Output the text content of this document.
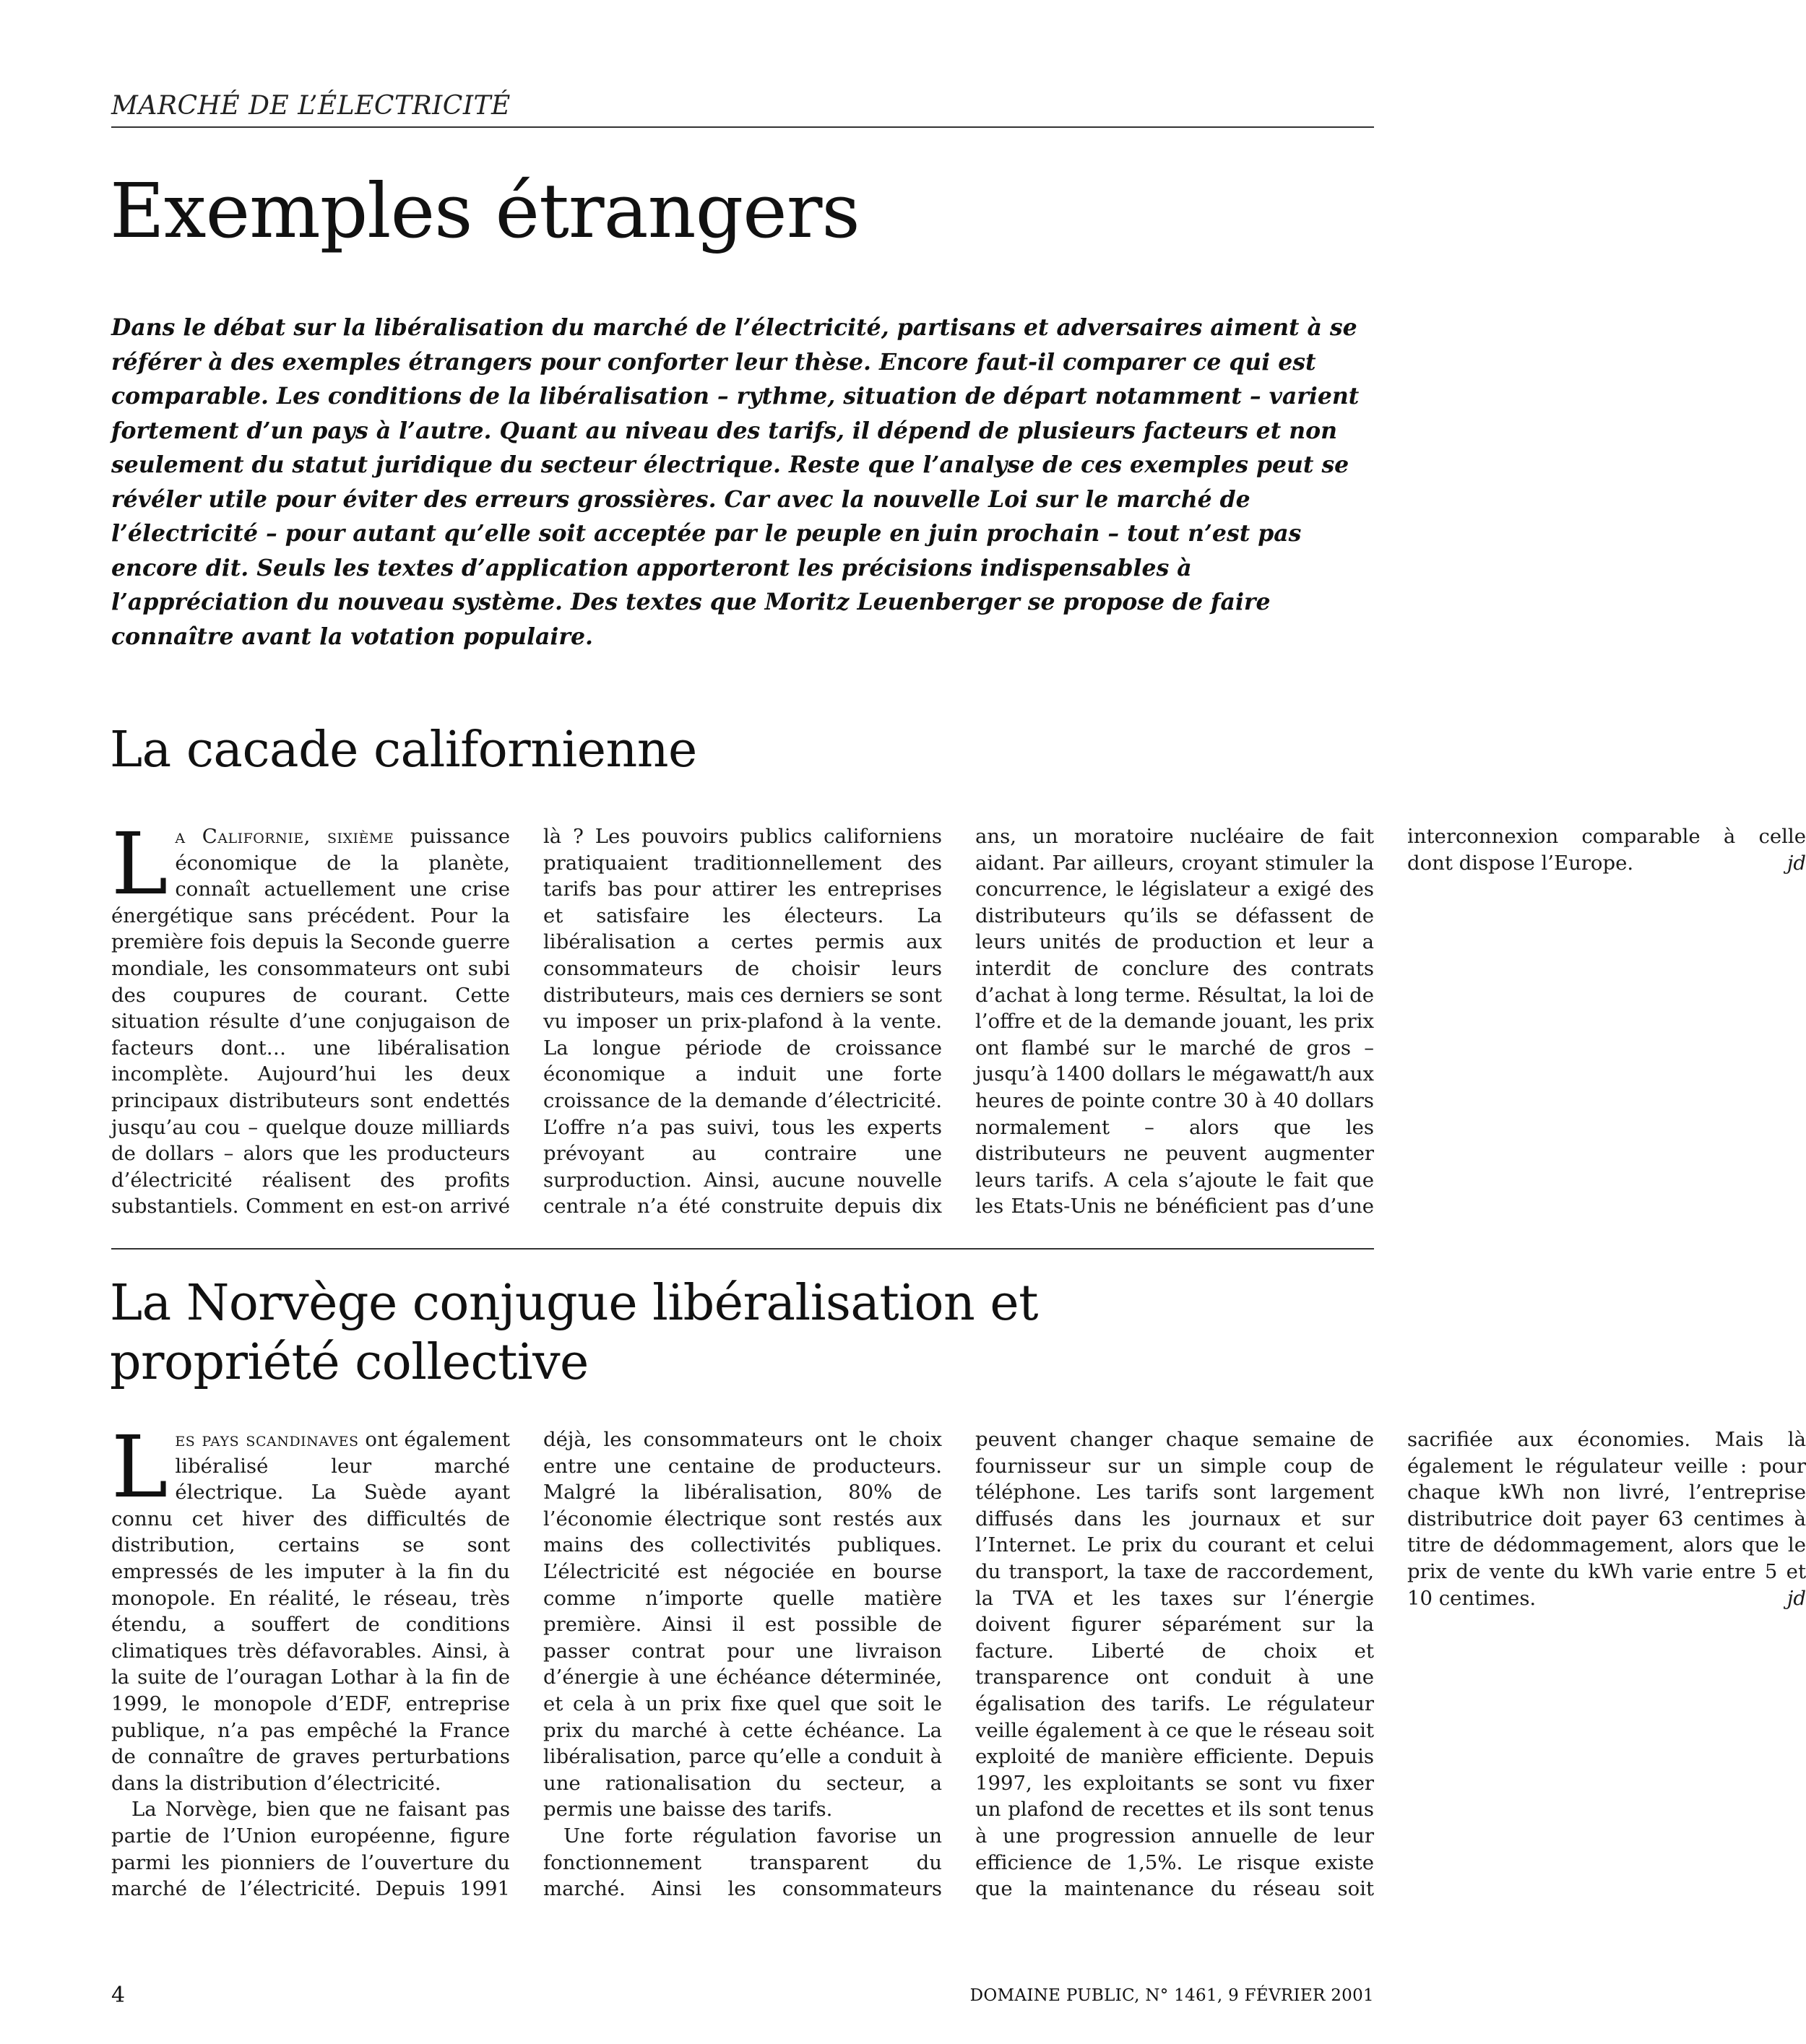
MARCHÉ DE L’ÉLECTRICITÉ
Exemples étrangers

Dans le débat sur la libéralisation du marché de l’électricité, partisans et adversaires aiment à se référer à des exemples étrangers pour conforter leur thèse. Encore faut-il comparer ce qui est comparable. Les conditions de la libéralisation – rythme, situation de départ notamment – varient fortement d’un pays à l’autre. Quant au niveau des tarifs, il dépend de plusieurs facteurs et non seulement du statut juridique du secteur électrique. Reste que l’analyse de ces exemples peut se révéler utile pour éviter des erreurs grossières. Car avec la nouvelle Loi sur le marché de l’électricité – pour autant qu’elle soit acceptée par le peuple en juin prochain – tout n’est pas encore dit. Seuls les textes d’application apporteront les précisions indispensables à l’appréciation du nouveau système. Des textes que Moritz Leuenberger se propose de faire connaître avant la votation populaire.

La cacade californienne

La Californie, sixième puissance économique de la planète, connaît actuellement une crise énergétique sans précédent. Pour la première fois depuis la Seconde guerre mondiale, les consommateurs ont subi des coupures de courant. Cette situation résulte d’une conjugaison de facteurs dont… une libéralisation incomplète. Aujourd’hui les deux principaux distributeurs sont endettés jusqu’au cou – quelque douze milliards de dollars – alors que les producteurs d’électricité réalisent des profits substantiels. Comment en est-on arrivé là ? Les pouvoirs publics californiens pratiquaient traditionnellement des tarifs bas pour attirer les entreprises et satisfaire les électeurs. La libéralisation a certes permis aux consommateurs de choisir leurs distributeurs, mais ces derniers se sont vu imposer un prix-plafond à la vente. La longue période de croissance économique a induit une forte croissance de la demande d’électricité. L’offre n’a pas suivi, tous les experts prévoyant au contraire une surproduction. Ainsi, aucune nouvelle centrale n’a été construite depuis dix ans, un moratoire nucléaire de fait aidant. Par ailleurs, croyant stimuler la concurrence, le législateur a exigé des distributeurs qu’ils se défassent de leurs unités de production et leur a interdit de conclure des contrats d’achat à long terme. Résultat, la loi de l’offre et de la demande jouant, les prix ont flambé sur le marché de gros – jusqu’à 1400 dollars le mégawatt/h aux heures de pointe contre 30 à 40 dollars normalement – alors que les distributeurs ne peuvent augmenter leurs tarifs. A cela s’ajoute le fait que les Etats-Unis ne bénéficient pas d’une interconnexion comparable à celle dont dispose l’Europe.	jd

La Norvège conjugue libéralisation et propriété collective

Les pays scandinaves ont également libéralisé leur marché électrique. La Suède ayant connu cet hiver des difficultés de distribution, certains se sont empressés de les imputer à la fin du monopole. En réalité, le réseau, très étendu, a souffert de conditions climatiques très défavorables. Ainsi, à la suite de l’ouragan Lothar à la fin de 1999, le monopole d’EDF, entreprise publique, n’a pas empêché la France de connaître de graves perturbations dans la distribution d’électricité.

La Norvège, bien que ne faisant pas partie de l’Union européenne, figure parmi les pionniers de l’ouverture du marché de l’électricité. Depuis 1991 déjà, les consommateurs ont le choix entre une centaine de producteurs. Malgré la libéralisation, 80% de l’économie électrique sont restés aux mains des collectivités publiques. L’électricité est négociée en bourse comme n’importe quelle matière première. Ainsi il est possible de passer contrat pour une livraison d’énergie à une échéance déterminée, et cela à un prix fixe quel que soit le prix du marché à cette échéance. La libéralisation, parce qu’elle a conduit à une rationalisation du secteur, a permis une baisse des tarifs.

Une forte régulation favorise un fonctionnement transparent du marché. Ainsi les consommateurs peuvent changer chaque semaine de fournisseur sur un simple coup de téléphone. Les tarifs sont largement diffusés dans les journaux et sur l’Internet. Le prix du courant et celui du transport, la taxe de raccordement, la TVA et les taxes sur l’énergie doivent figurer séparément sur la facture. Liberté de choix et transparence ont conduit à une égalisation des tarifs. Le régulateur veille également à ce que le réseau soit exploité de manière efficiente. Depuis 1997, les exploitants se sont vu fixer un plafond de recettes et ils sont tenus à une progression annuelle de leur efficience de 1,5%. Le risque existe que la maintenance du réseau soit sacrifiée aux économies. Mais là également le régulateur veille : pour chaque kWh non livré, l’entreprise distributrice doit payer 63 centimes à titre de dédommagement, alors que le prix de vente du kWh varie entre 5 et 10 centimes.	jd

4	DOMAINE PUBLIC, N° 1461, 9 FÉVRIER 2001
